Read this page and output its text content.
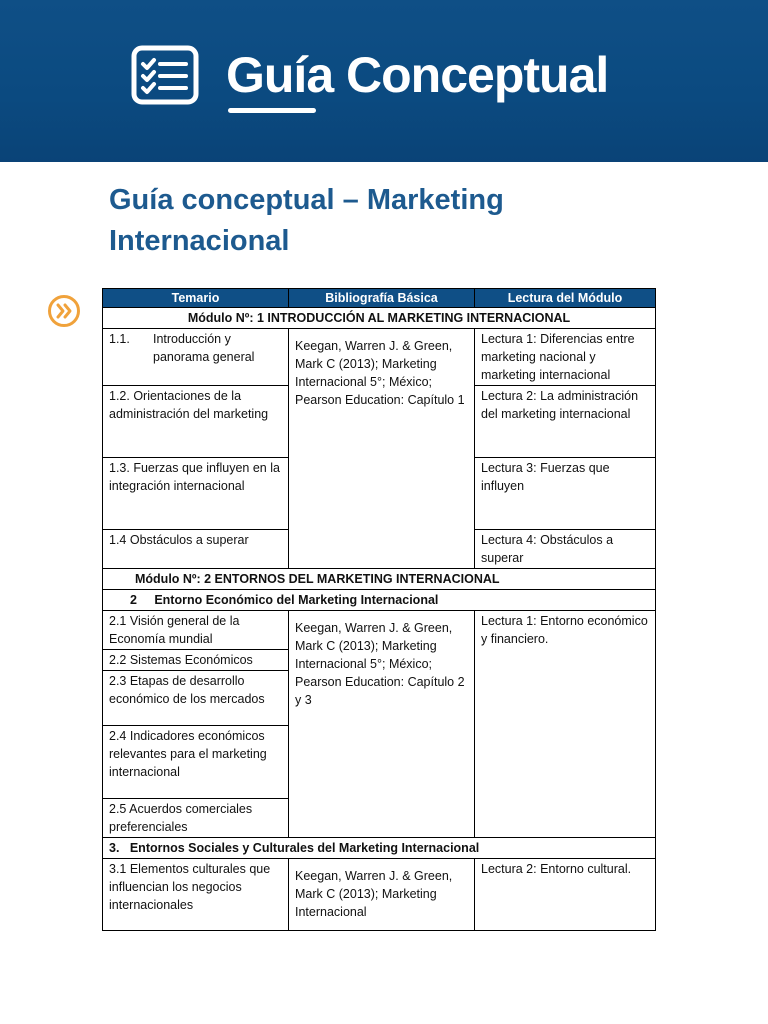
Guía Conceptual
Guía conceptual – Marketing Internacional
Temario	Bibliografía Básica	Lectura del Módulo
Módulo Nº: 1 INTRODUCCIÓN AL MARKETING INTERNACIONAL		

1.1. Introducción y panorama general	Keegan, Warren J. & Green, Mark C (2013); Marketing Internacional 5°; México; Pearson Education: Capítulo 1	Lectura 1: Diferencias entre marketing nacional y marketing internacional
1.2. Orientaciones de la administración del marketing		Lectura 2: La administración del marketing internacional
1.3. Fuerzas que influyen en la integración internacional		Lectura 3: Fuerzas que influyen
1.4 Obstáculos a superar		Lectura 4: Obstáculos a superar
Módulo Nº: 2 ENTORNOS DEL MARKETING INTERNACIONAL		
2     Entorno Económico del Marketing Internacional		
2.1 Visión general de la Economía mundial	Keegan, Warren J. & Green, Mark C (2013); Marketing Internacional 5°; México; Pearson Education: Capítulo 2 y 3	Lectura 1: Entorno económico y financiero.
2.2 Sistemas Económicos		
2.3 Etapas de desarrollo económico de los mercados		
2.4 Indicadores económicos relevantes para el marketing internacional		
2.5 Acuerdos comerciales preferenciales		
3.   Entornos Sociales y Culturales del Marketing Internacional		
3.1 Elementos culturales que influencian los negocios internacionales	Keegan, Warren J. & Green, Mark C (2013); Marketing Internacional	Lectura 2: Entorno cultural.
